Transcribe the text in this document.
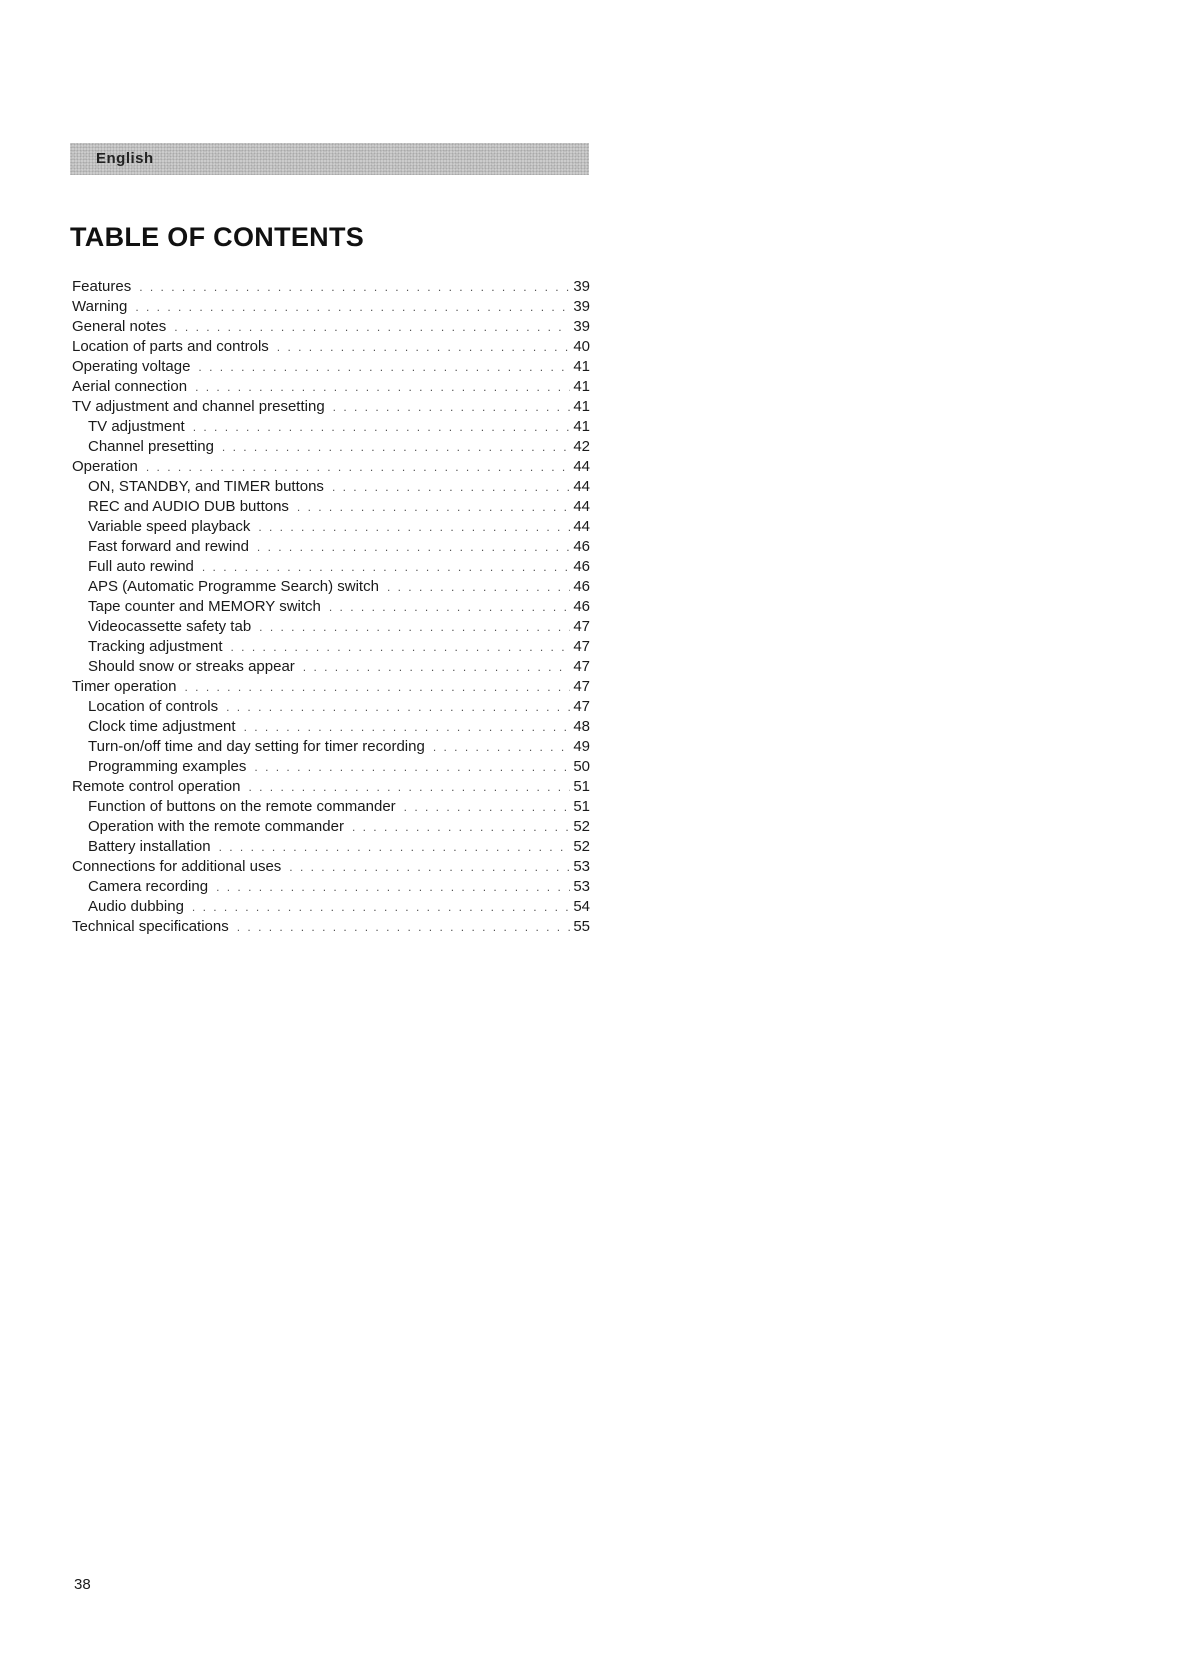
English
TABLE OF CONTENTS
Features . . .	39
Warning . . .	39
General notes . . .	39
Location of parts and controls . . .	40
Operating voltage . . .	41
Aerial connection . . .	41
TV adjustment and channel presetting . . .	41
TV adjustment . . .	41
Channel presetting . . .	42
Operation . . .	44
ON, STANDBY, and TIMER buttons . . .	44
REC and AUDIO DUB buttons . . .	44
Variable speed playback . . .	44
Fast forward and rewind . . .	46
Full auto rewind . . .	46
APS (Automatic Programme Search) switch . . .	46
Tape counter and MEMORY switch . . .	46
Videocassette safety tab . . .	47
Tracking adjustment . . .	47
Should snow or streaks appear . . .	47
Timer operation . . .	47
Location of controls . . .	47
Clock time adjustment . . .	48
Turn-on/off time and day setting for timer recording . . .	49
Programming examples . . .	50
Remote control operation . . .	51
Function of buttons on the remote commander . . .	51
Operation with the remote commander . . .	52
Battery installation . . .	52
Connections for additional uses . . .	53
Camera recording . . .	53
Audio dubbing . . .	54
Technical specifications . . .	55
38
